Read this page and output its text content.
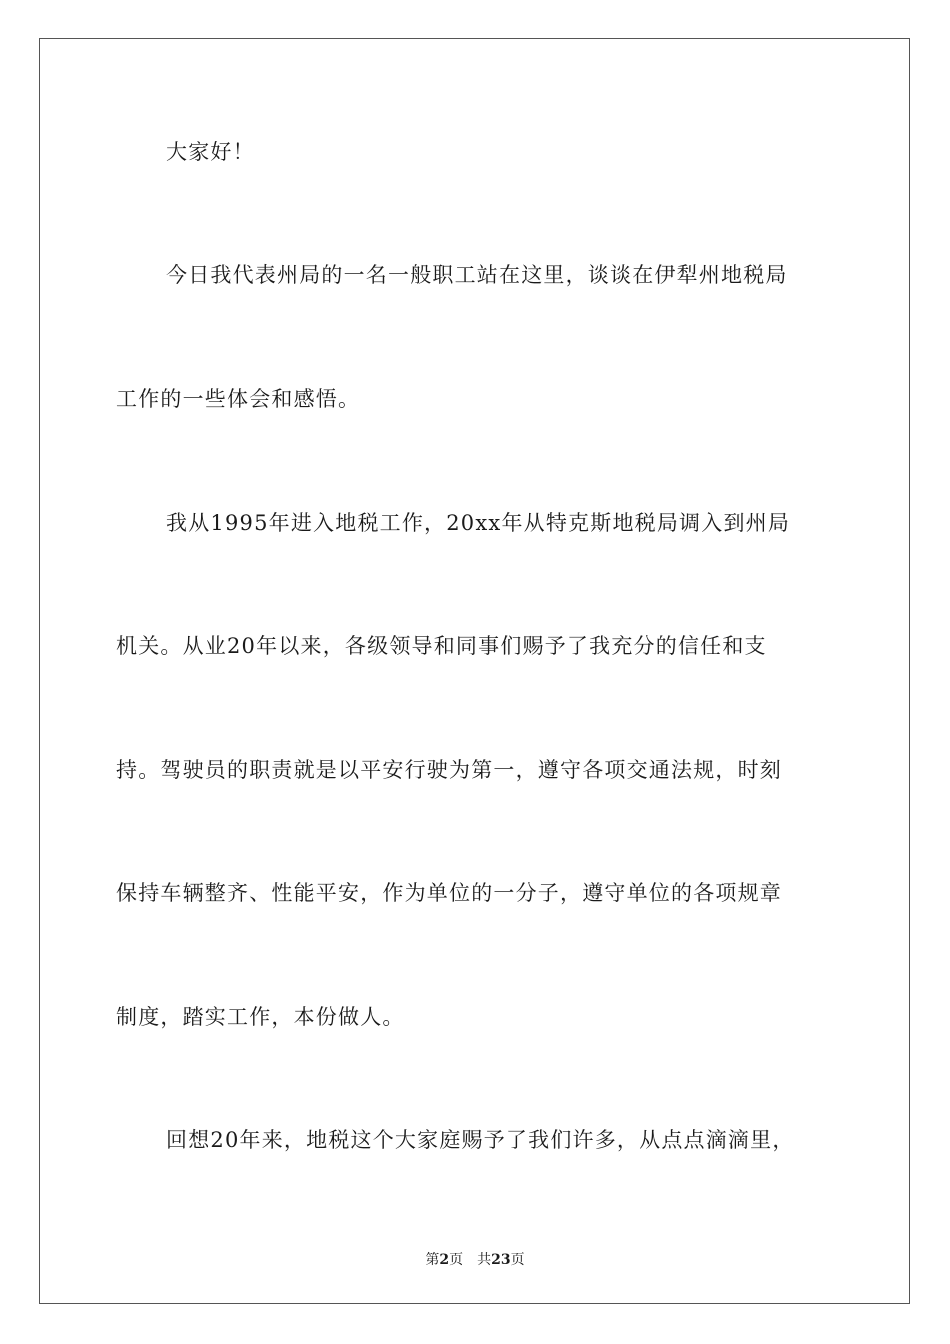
大家好！

今日我代表州局的一名一般职工站在这里，谈谈在伊犁州地税局

工作的一些体会和感悟。

我从1995年进入地税工作，20xx年从特克斯地税局调入到州局

机关。从业20年以来，各级领导和同事们赐予了我充分的信任和支

持。驾驶员的职责就是以平安行驶为第一，遵守各项交通法规，时刻

保持车辆整齐、性能平安，作为单位的一分子，遵守单位的各项规章

制度，踏实工作，本份做人。

回想20年来，地税这个大家庭赐予了我们许多，从点点滴滴里，

第2页 共23页
